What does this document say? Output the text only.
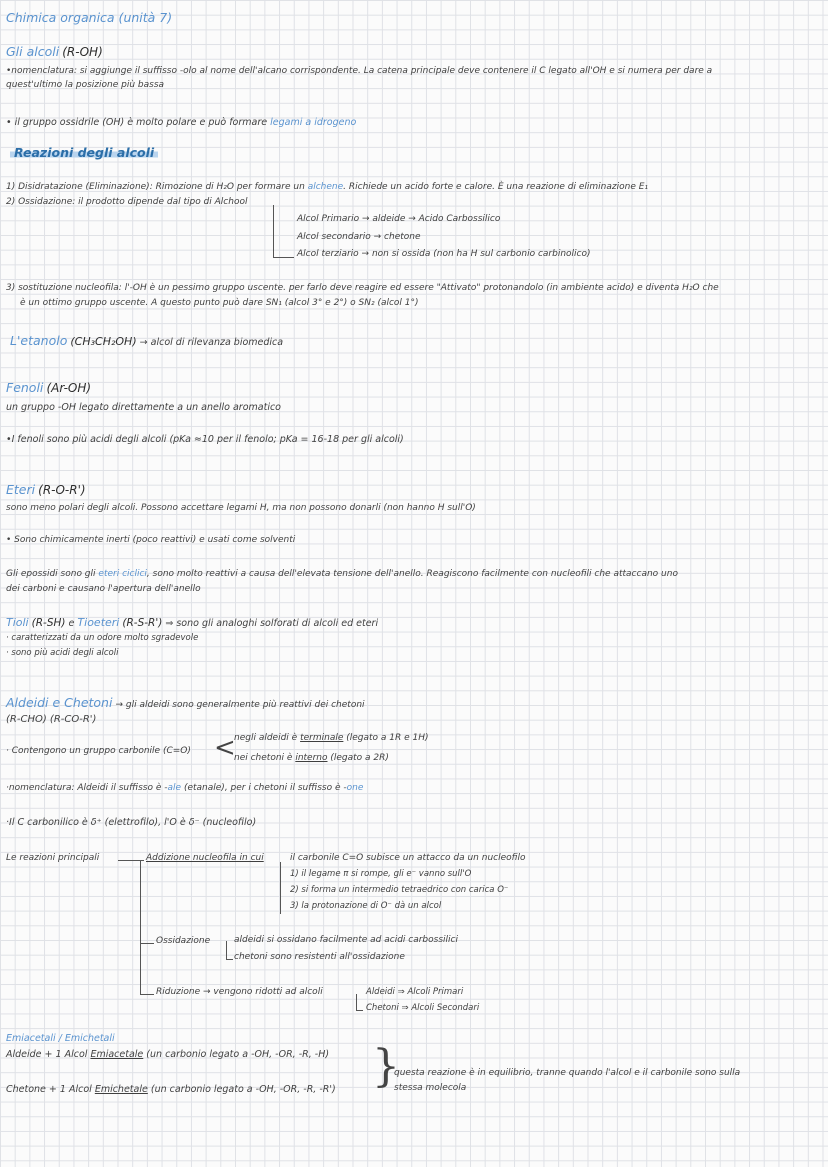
Chimica organica (unità 7)
Gli alcoli (R-OH)
•nomenclatura: si aggiunge il suffisso -olo al nome dell'alcano corrispondente. La catena principale deve contenere il C legato all'OH e si numera per dare a
quest'ultimo la posizione più bassa
• il gruppo ossidrile (OH) è molto polare e può formare legami a idrogeno
Reazioni degli alcoli
1) Disidratazione (Eliminazione): Rimozione di H₂O per formare un alchene. Richiede un acido forte e calore. È una reazione di eliminazione E₁
2) Ossidazione: il prodotto dipende dal tipo di Alchool
Alcol Primario → aldeide → Acido Carbossilico
Alcol secondario → chetone
Alcol terziario → non si ossida (non ha H sul carbonio carbinolico)
3) sostituzione nucleofila: l'-OH è un pessimo gruppo uscente. per farlo deve reagire ed essere "Attivato" protonandolo (in ambiente acido) e diventa H₂O che
è un ottimo gruppo uscente. A questo punto può dare SN₁ (alcol 3° e 2°) o SN₂ (alcol 1°)
L'etanolo (CH₃CH₂OH) → alcol di rilevanza biomedica
Fenoli (Ar-OH)
un gruppo -OH legato direttamente a un anello aromatico
•I fenoli sono più acidi degli alcoli (pKa ≈10 per il fenolo; pKa = 16-18 per gli alcoli)
Eteri (R-O-R')
sono meno polari degli alcoli. Possono accettare legami H, ma non possono donarli (non hanno H sull'O)
• Sono chimicamente inerti (poco reattivi) e usati come solventi
Gli epossidi sono gli eteri ciclici, sono molto reattivi a causa dell'elevata tensione dell'anello. Reagiscono facilmente con nucleofili che attaccano uno
dei carboni e causano l'apertura dell'anello
Tioli (R-SH) e Tioeteri (R-S-R') ⇒ sono gli analoghi solforati di alcoli ed eteri
· caratterizzati da un odore molto sgradevole
· sono più acidi degli alcoli
Aldeidi e Chetoni → gli aldeidi sono generalmente più reattivi dei chetoni
(R-CHO) (R-CO-R')
· Contengono un gruppo carbonile (C=O) <
negli aldeidi è terminale (legato a 1R e 1H)
nei chetoni è interno (legato a 2R)
·nomenclatura: Aldeidi il suffisso è -ale (etanale), per i chetoni il suffisso è -one
·Il C carbonilico è δ⁺ (elettrofilo), l'O è δ⁻ (nucleofilo)
Le reazioni principali	Addizione nucleofila in cui	il carbonile C=O subisce un attacco da un nucleofilo
1) il legame π si rompe, gli e⁻ vanno sull'O
2) si forma un intermedio tetraedrico con carica O⁻
3) la protonazione di O⁻ dà un alcol
Ossidazione	aldeidi si ossidano facilmente ad acidi carbossilici
chetoni sono resistenti all'ossidazione
Riduzione → vengono ridotti ad alcoli	Aldeidi ⇒ Alcoli Primari
Chetoni ⇒ Alcoli Secondari
Emiacetali / Emichetali
Aldeide + 1 Alcol Emiacetale (un carbonio legato a -OH, -OR, -R, -H)
Chetone + 1 Alcol Emichetale (un carbonio legato a -OH, -OR, -R, -R') }
questa reazione è in equilibrio, tranne quando l'alcol e il carbonile sono sulla
stessa molecola
